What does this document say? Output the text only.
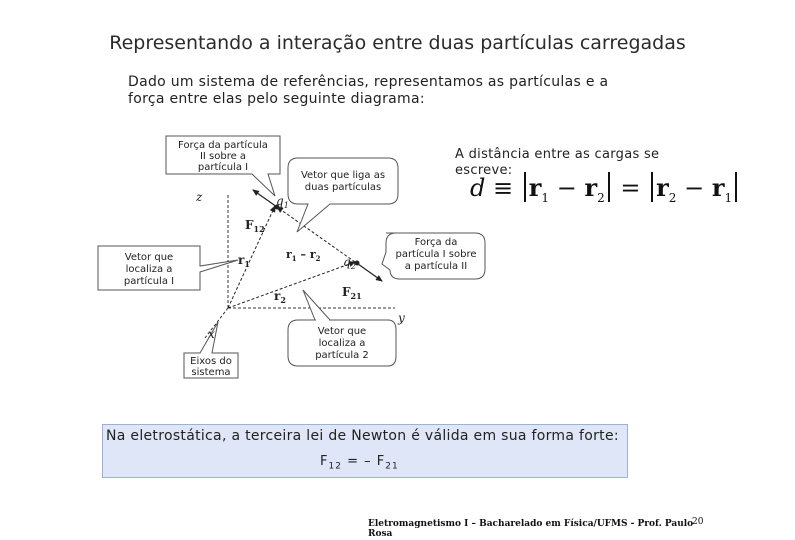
Representando a interação entre duas partículas carregadas
Dado um sistema de referências, representamos as partículas e a força entre elas pelo seguinte diagrama:
Força da partícula
II sobre a
partícula I
Vetor que
localiza a
partícula I
Vetor que liga as
duas partículas
Força da
partícula I sobre
a partícula II
Vetor que
localiza a
partícula 2
Eixos do
sistema
z
x
y
$q_1$
$q_2$
$F_{12}$
$F_{21}$
$r_1$
$r_2$
$r_1 - r_2$
A distância entre as cargas se escreve:
$d \equiv r_1 - r_2 = r_2 - r_1$
Na eletrostática, a terceira lei de Newton é válida em sua forma forte:
$F_{12}$ = – $F_{21}$
Eletromagnetismo I – Bacharelado em Física/UFMS - Prof. Paulo Rosa
20
